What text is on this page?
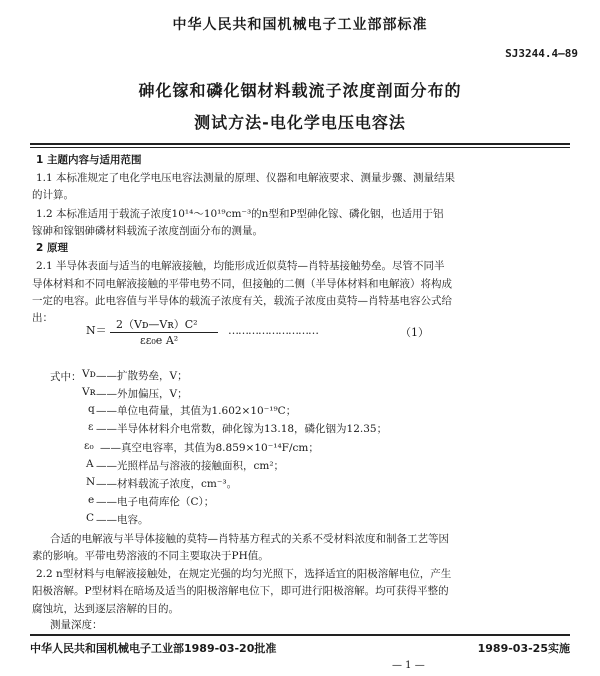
中华人民共和国机械电子工业部部标准
SJ3244.4—89
砷化镓和磷化铟材料载流子浓度剖面分布的
测试方法-电化学电压电容法
1 主题内容与适用范围
1.1 本标准规定了电化学电压电容法测量的原理、仪器和电解液要求、测量步骤、测量结果
的计算。
1.2 本标准适用于载流子浓度10¹⁴～10¹⁹cm⁻³的n型和P型砷化镓、磷化铟，也适用于铝
镓砷和镓铟砷磷材料载流子浓度剖面分布的测量。
2 原理
2.1 半导体表面与适当的电解液接触，均能形成近似莫特—肖特基接触势垒。尽管不同半
导体材料和不同电解液接触的平带电势不同，但接触的二侧（半导体材料和电解液）将构成
一定的电容。此电容值与半导体的载流子浓度有关，载流子浓度由莫特—肖特基电容公式给
出：
N＝ 2（Vᴅ—Vʀ）C²
εε₀e A²
………………………	（1）
式中： Vᴅ ——扩散势垒，V；
Vʀ ——外加偏压，V；
q ——单位电荷量，其值为1.602×10⁻¹⁹C；
ε ——半导体材料介电常数，砷化镓为13.18，磷化铟为12.35；
ε₀ ——真空电容率，其值为8.859×10⁻¹⁴F/cm；
A ——光照样品与溶液的接触面积，cm²；
N ——材料载流子浓度，cm⁻³。
e ——电子电荷库伦（C）；
C ——电容。
合适的电解液与半导体接触的莫特—肖特基方程式的关系不受材料浓度和制备工艺等因
素的影响。平带电势溶液的不同主要取决于PH值。
2.2 n型材料与电解液接触处，在规定光强的均匀光照下，选择适宜的阳极溶解电位，产生
阳极溶解。P型材料在暗场及适当的阳极溶解电位下，即可进行阳极溶解。均可获得平整的
腐蚀坑，达到逐层溶解的目的。
测量深度：
中华人民共和国机械电子工业部1989-03-20批准	1989-03-25实施
— 1 —
